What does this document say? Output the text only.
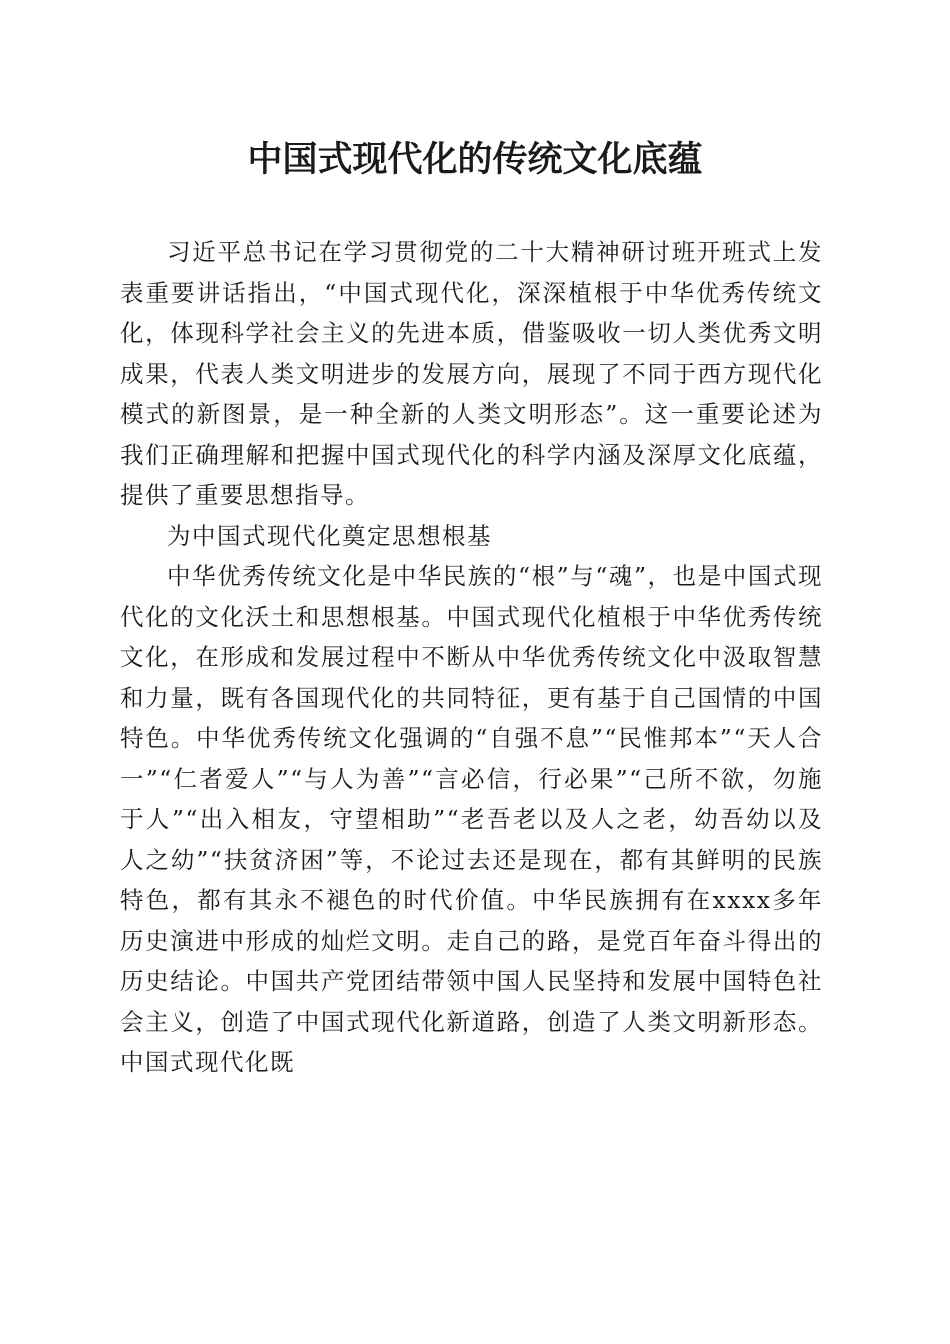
中国式现代化的传统文化底蕴

习近平总书记在学习贯彻党的二十大精神研讨班开班式上发表重要讲话指出，“中国式现代化，深深植根于中华优秀传统文化，体现科学社会主义的先进本质，借鉴吸收一切人类优秀文明成果，代表人类文明进步的发展方向，展现了不同于西方现代化模式的新图景，是一种全新的人类文明形态”。这一重要论述为我们正确理解和把握中国式现代化的科学内涵及深厚文化底蕴，提供了重要思想指导。

为中国式现代化奠定思想根基

中华优秀传统文化是中华民族的“根”与“魂”，也是中国式现代化的文化沃土和思想根基。中国式现代化植根于中华优秀传统文化，在形成和发展过程中不断从中华优秀传统文化中汲取智慧和力量，既有各国现代化的共同特征，更有基于自己国情的中国特色。中华优秀传统文化强调的“自强不息”“民惟邦本”“天人合一”“仁者爱人”“与人为善”“言必信，行必果”“己所不欲，勿施于人”“出入相友，守望相助”“老吾老以及人之老，幼吾幼以及人之幼”“扶贫济困”等，不论过去还是现在，都有其鲜明的民族特色，都有其永不褪色的时代价值。中华民族拥有在xxxx多年历史演进中形成的灿烂文明。走自己的路，是党百年奋斗得出的历史结论。中国共产党团结带领中国人民坚持和发展中国特色社会主义，创造了中国式现代化新道路，创造了人类文明新形态。中国式现代化既
